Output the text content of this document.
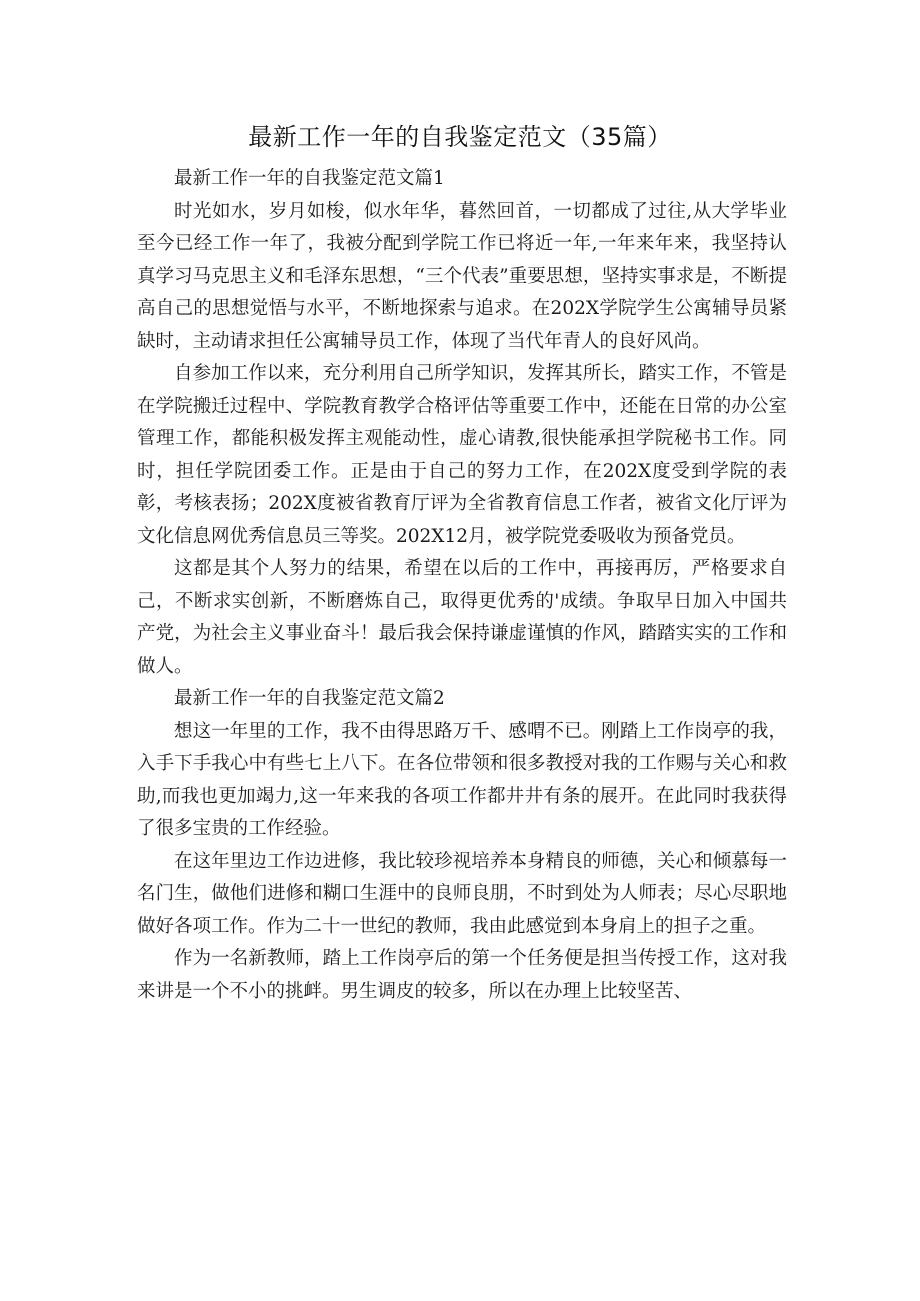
最新工作一年的自我鉴定范文（35篇）

最新工作一年的自我鉴定范文篇1

时光如水，岁月如梭，似水年华，暮然回首，一切都成了过往,从大学毕业至今已经工作一年了，我被分配到学院工作已将近一年,一年来年来，我坚持认真学习马克思主义和毛泽东思想，“三个代表”重要思想，坚持实事求是，不断提高自己的思想觉悟与水平，不断地探索与追求。在202X学院学生公寓辅导员紧缺时，主动请求担任公寓辅导员工作，体现了当代年青人的良好风尚。

自参加工作以来，充分利用自己所学知识，发挥其所长，踏实工作，不管是在学院搬迁过程中、学院教育教学合格评估等重要工作中，还能在日常的办公室管理工作，都能积极发挥主观能动性，虚心请教,很快能承担学院秘书工作。同时，担任学院团委工作。正是由于自己的努力工作，在202X度受到学院的表彰，考核表扬；202X度被省教育厅评为全省教育信息工作者，被省文化厅评为文化信息网优秀信息员三等奖。202X12月，被学院党委吸收为预备党员。

这都是其个人努力的结果，希望在以后的工作中，再接再厉，严格要求自己，不断求实创新，不断磨炼自己，取得更优秀的'成绩。争取早日加入中国共产党，为社会主义事业奋斗！最后我会保持谦虚谨慎的作风，踏踏实实的工作和做人。

最新工作一年的自我鉴定范文篇2

想这一年里的工作，我不由得思路万千、感喟不已。刚踏上工作岗亭的我，入手下手我心中有些七上八下。在各位带领和很多教授对我的工作赐与关心和救助,而我也更加竭力,这一年来我的各项工作都井井有条的展开。在此同时我获得了很多宝贵的工作经验。

在这年里边工作边进修，我比较珍视培养本身精良的师德，关心和倾慕每一名门生，做他们进修和糊口生涯中的良师良朋，不时到处为人师表；尽心尽职地做好各项工作。作为二十一世纪的教师，我由此感觉到本身肩上的担子之重。

作为一名新教师，踏上工作岗亭后的第一个任务便是担当传授工作，这对我来讲是一个不小的挑衅。男生调皮的较多，所以在办理上比较坚苦、
